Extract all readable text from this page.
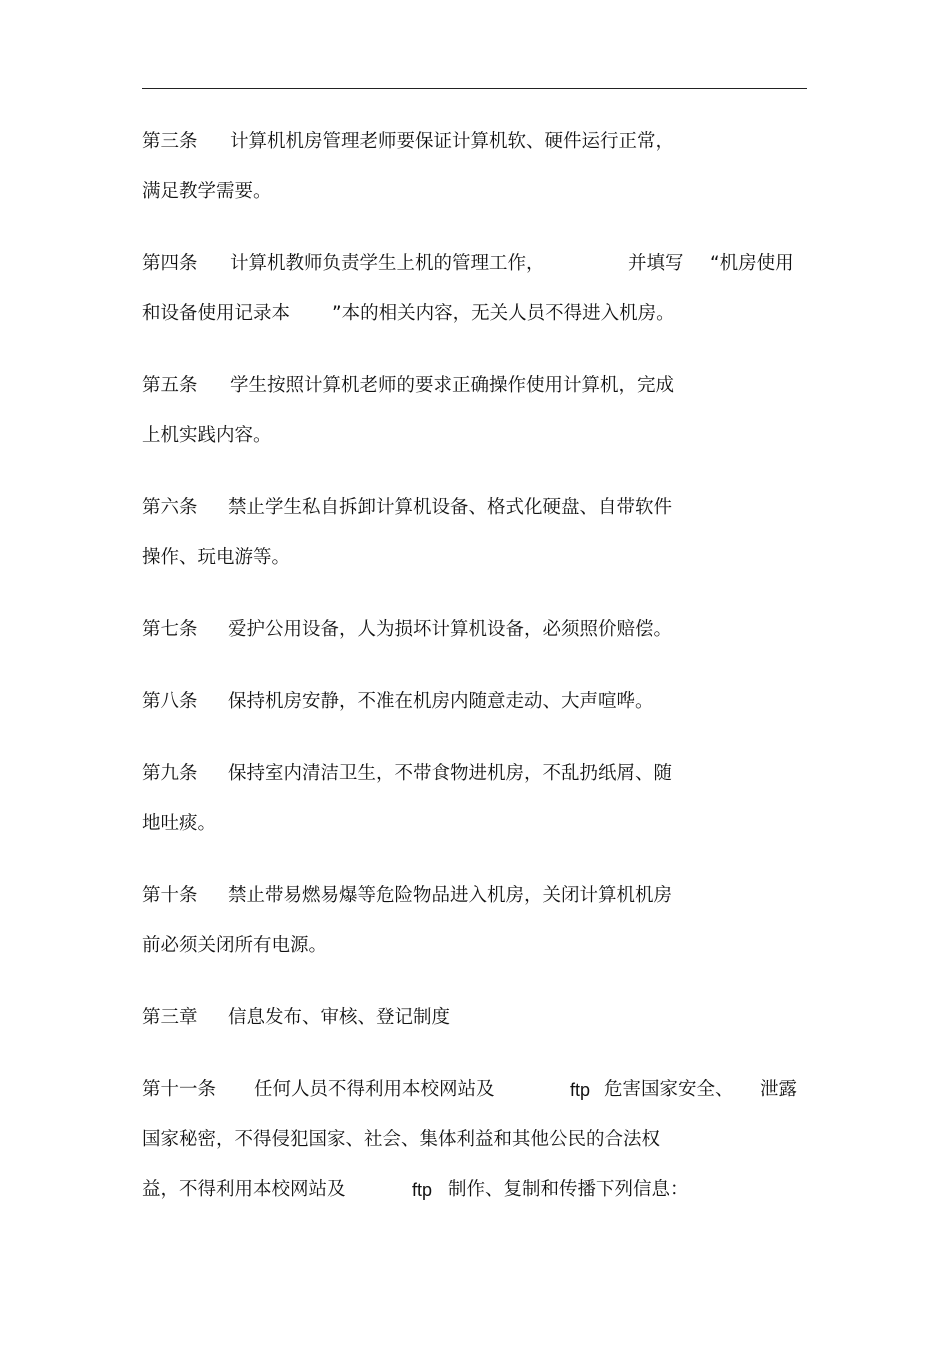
第三条

计算机机房管理老师要保证计算机软、硬件运行正常，

满足教学需要。

第四条

计算机教师负责学生上机的管理工作，

	并填写

“机房使用

和设备使用记录本

”本的相关内容，无关人员不得进入机房。

第五条

学生按照计算机老师的要求正确操作使用计算机，完成

上机实践内容。

第六条

禁止学生私自拆卸计算机设备、格式化硬盘、自带软件

操作、玩电游等。

第七条

爱护公用设备，人为损坏计算机设备，必须照价赔偿。

第八条

保持机房安静，不准在机房内随意走动、大声喧哗。

第九条

保持室内清洁卫生，不带食物进机房，不乱扔纸屑、随

地吐痰。

第十条

禁止带易燃易爆等危险物品进入机房，关闭计算机机房

前必须关闭所有电源。

第三章

信息发布、审核、登记制度

第十一条

任何人员不得利用本校网站及

	ftp

危害国家安全、

泄露

国家秘密，不得侵犯国家、社会、集体利益和其他公民的合法权

益，不得利用本校网站及

	ftp

制作、复制和传播下列信息：
